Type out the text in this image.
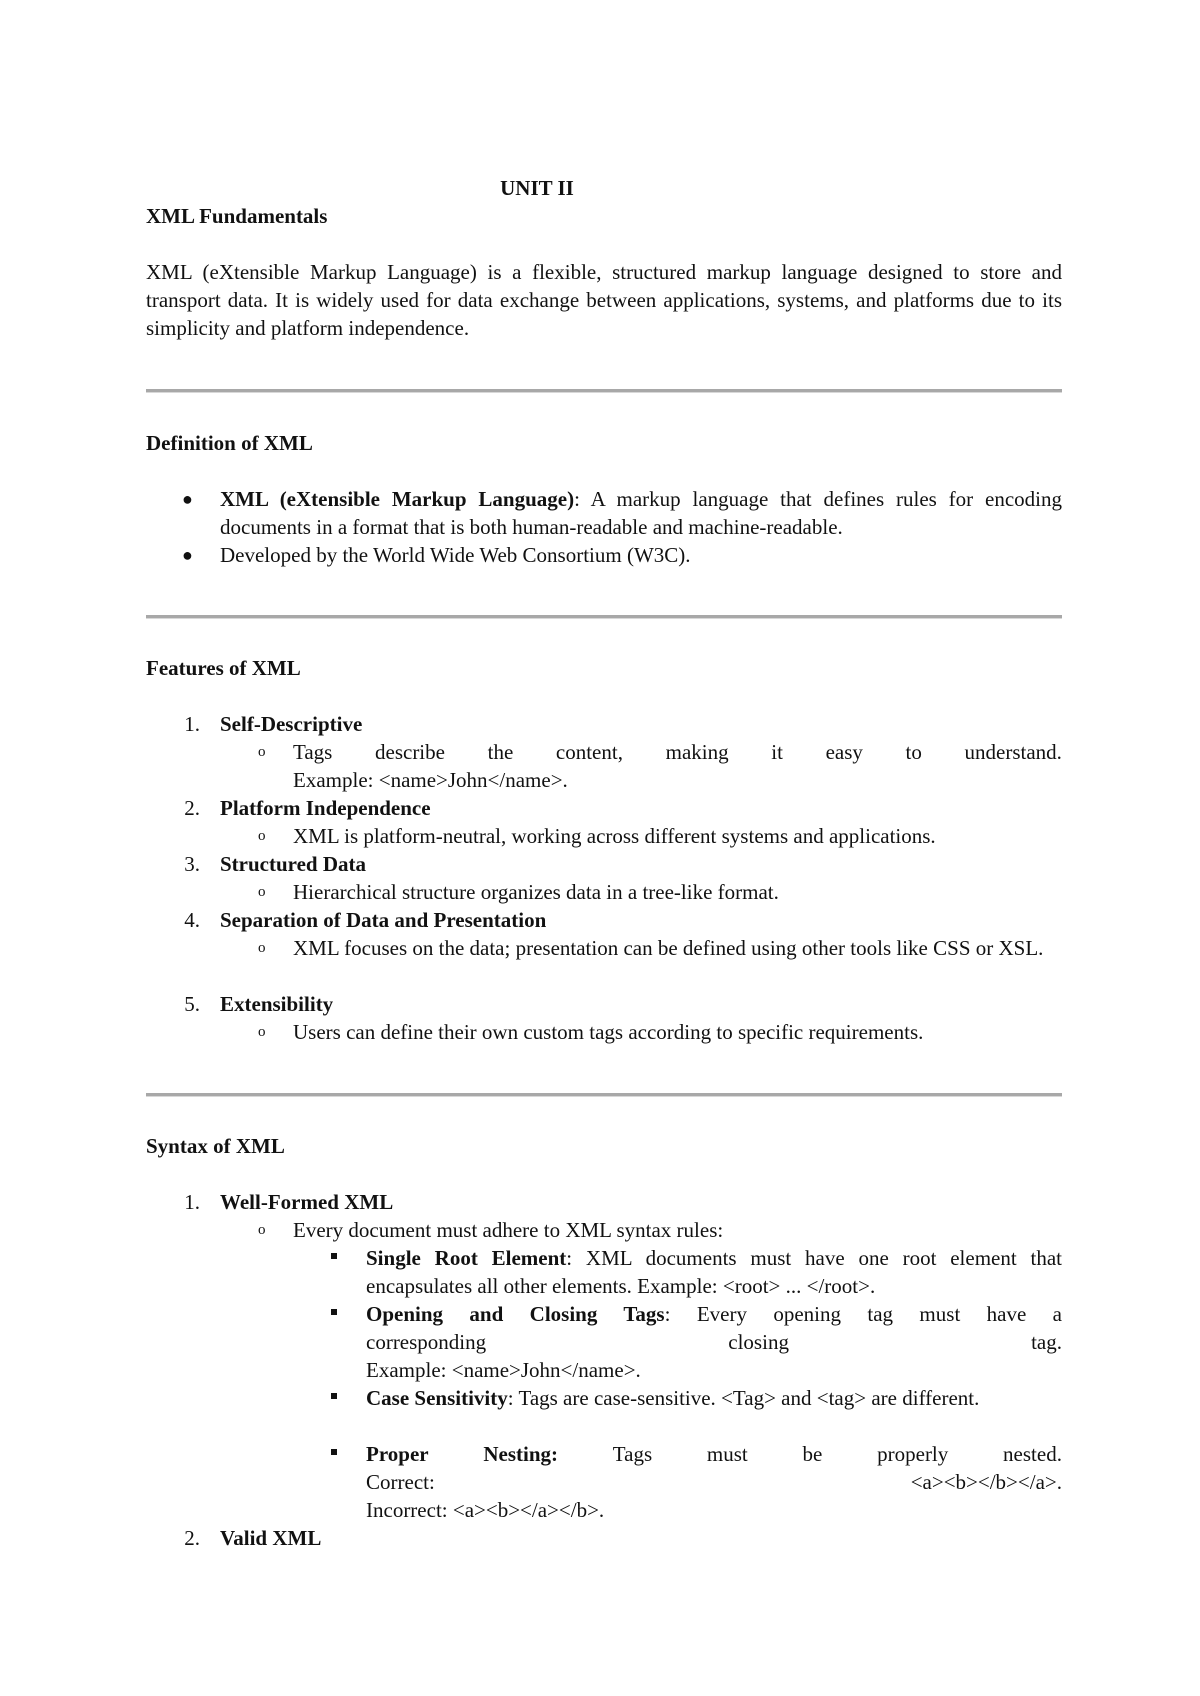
UNIT II
XML Fundamentals
XML (eXtensible Markup Language) is a flexible, structured markup language designed to store and transport data. It is widely used for data exchange between applications, systems, and platforms due to its simplicity and platform independence.
Definition of XML
● XML (eXtensible Markup Language): A markup language that defines rules for encoding documents in a format that is both human-readable and machine-readable.
● Developed by the World Wide Web Consortium (W3C).
Features of XML
1. Self-Descriptive
o Tags describe the content, making it easy to understand.
Example: <name>John</name>.
2. Platform Independence
o XML is platform-neutral, working across different systems and applications.
3. Structured Data
o Hierarchical structure organizes data in a tree-like format.
4. Separation of Data and Presentation
o XML focuses on the data; presentation can be defined using other tools like CSS or XSL.
5. Extensibility
o Users can define their own custom tags according to specific requirements.
Syntax of XML
1. Well-Formed XML
o Every document must adhere to XML syntax rules:
Single Root Element: XML documents must have one root element that encapsulates all other elements. Example: <root> ... </root>.
Opening and Closing Tags: Every opening tag must have a
corresponding	closing	tag.
Example: <name>John</name>.
Case Sensitivity: Tags are case-sensitive. <Tag> and <tag> are different.
Proper	Nesting:	Tags	must	be	properly	nested.
Correct:	<a><b></b></a>.
Incorrect: <a><b></a></b>.
2. Valid XML
